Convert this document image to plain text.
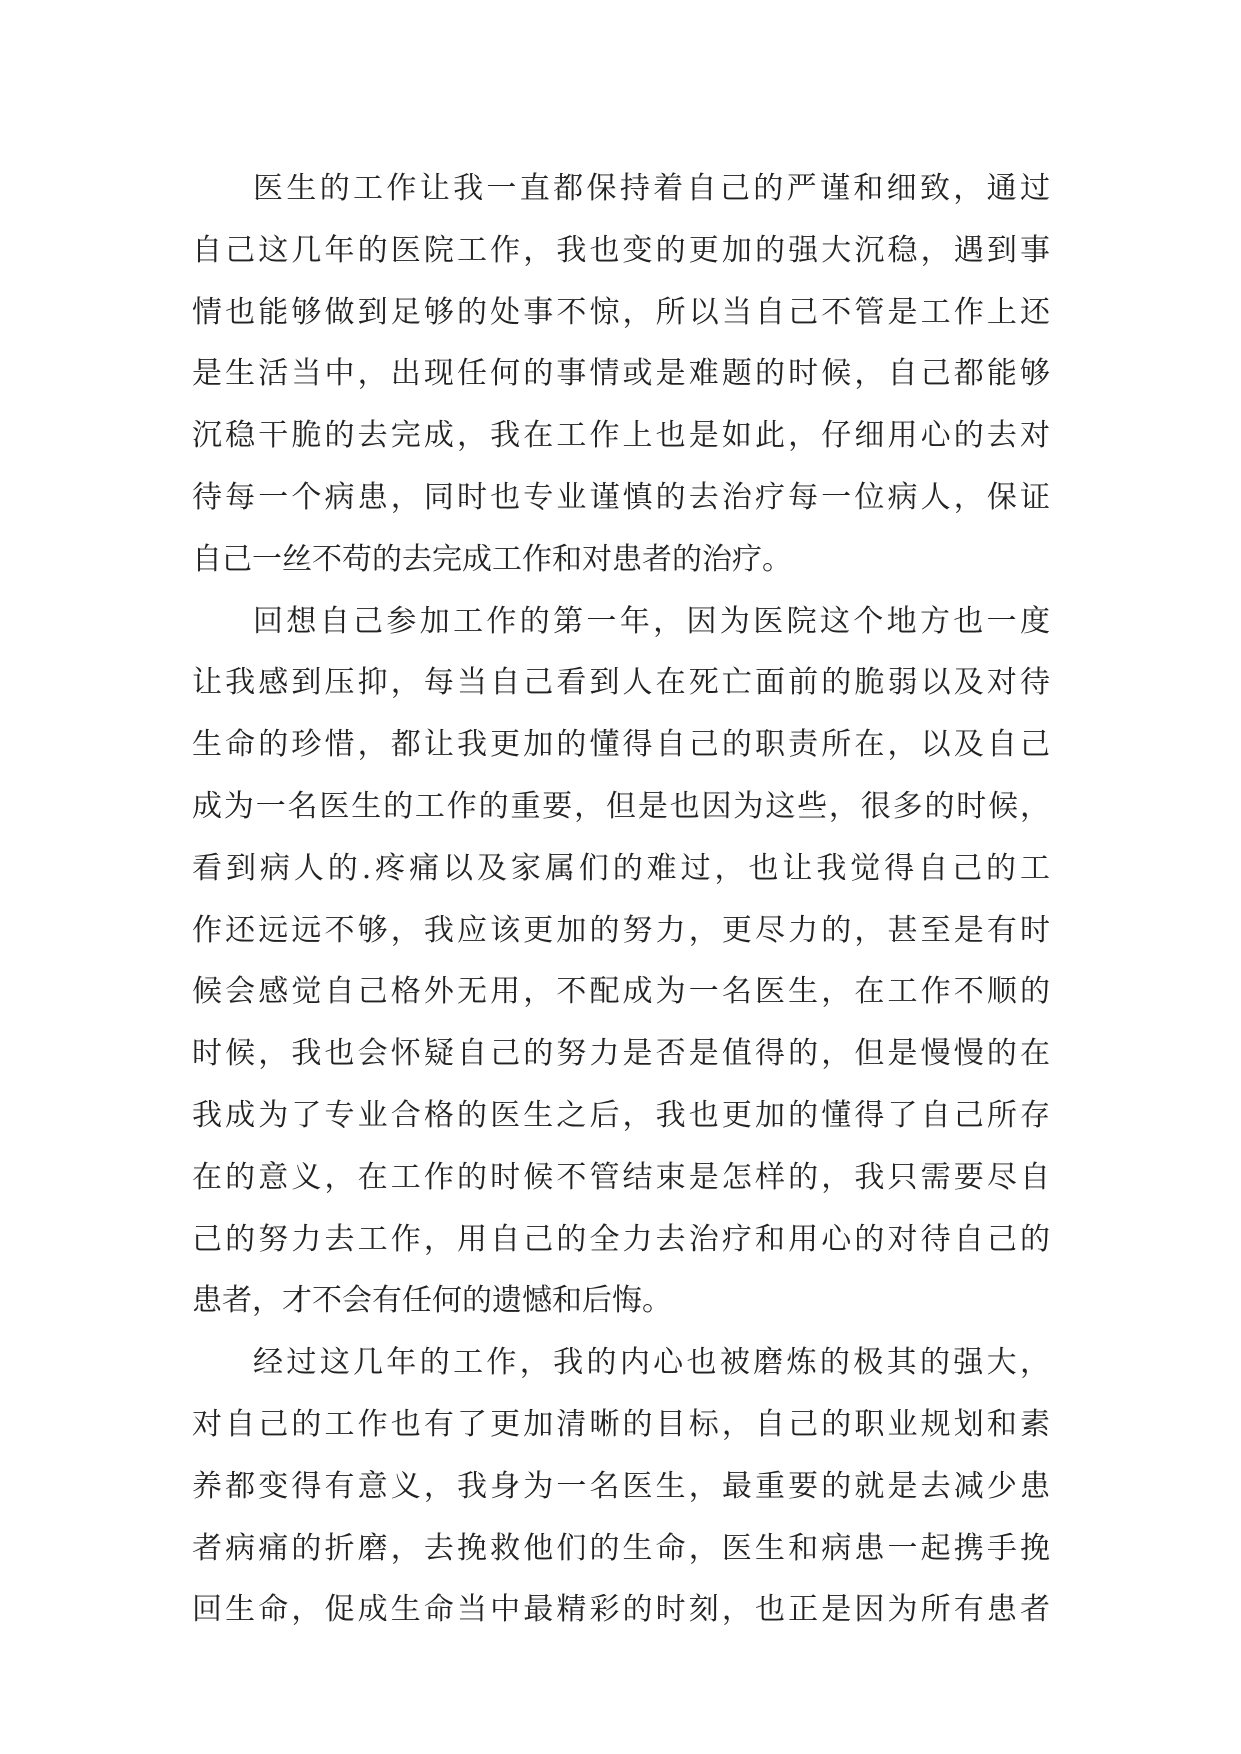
医生的工作让我一直都保持着自己的严谨和细致，通过
自己这几年的医院工作，我也变的更加的强大沉稳，遇到事
情也能够做到足够的处事不惊，所以当自己不管是工作上还
是生活当中，出现任何的事情或是难题的时候，自己都能够
沉稳干脆的去完成，我在工作上也是如此，仔细用心的去对
待每一个病患，同时也专业谨慎的去治疗每一位病人，保证
自己一丝不苟的去完成工作和对患者的治疗。
回想自己参加工作的第一年，因为医院这个地方也一度
让我感到压抑，每当自己看到人在死亡面前的脆弱以及对待
生命的珍惜，都让我更加的懂得自己的职责所在，以及自己
成为一名医生的工作的重要，但是也因为这些，很多的时候，
看到病人的.疼痛以及家属们的难过，也让我觉得自己的工
作还远远不够，我应该更加的努力，更尽力的，甚至是有时
候会感觉自己格外无用，不配成为一名医生，在工作不顺的
时候，我也会怀疑自己的努力是否是值得的，但是慢慢的在
我成为了专业合格的医生之后，我也更加的懂得了自己所存
在的意义，在工作的时候不管结束是怎样的，我只需要尽自
己的努力去工作，用自己的全力去治疗和用心的对待自己的
患者，才不会有任何的遗憾和后悔。
经过这几年的工作，我的内心也被磨炼的极其的强大，
对自己的工作也有了更加清晰的目标，自己的职业规划和素
养都变得有意义，我身为一名医生，最重要的就是去减少患
者病痛的折磨，去挽救他们的生命，医生和病患一起携手挽
回生命，促成生命当中最精彩的时刻，也正是因为所有患者
